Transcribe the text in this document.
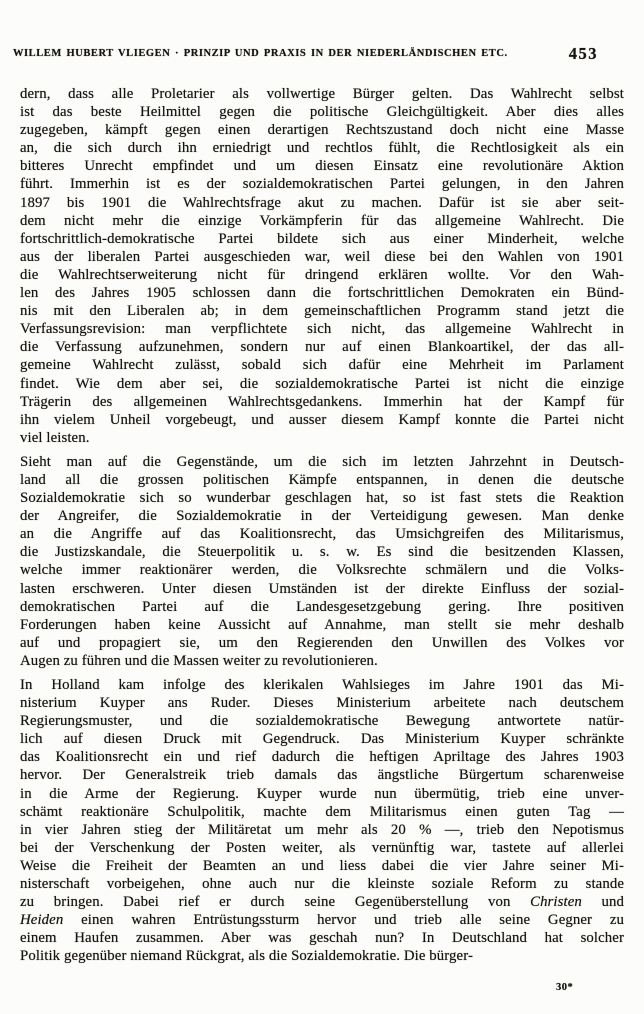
WILLEM HUBERT VLIEGEN · PRINZIP UND PRAXIS IN DER NIEDERLÄNDISCHEN ETC.	453
dern, dass alle Proletarier als vollwertige Bürger gelten. Das Wahlrecht selbst
ist das beste Heilmittel gegen die politische Gleichgültigkeit. Aber dies alles
zugegeben, kämpft gegen einen derartigen Rechtszustand doch nicht eine Masse
an, die sich durch ihn erniedrigt und rechtlos fühlt, die Rechtlosigkeit als ein
bitteres Unrecht empfindet und um diesen Einsatz eine revolutionäre Aktion
führt. Immerhin ist es der sozialdemokratischen Partei gelungen, in den Jahren
1897 bis 1901 die Wahlrechtsfrage akut zu machen. Dafür ist sie aber seit-
dem nicht mehr die einzige Vorkämpferin für das allgemeine Wahlrecht. Die
fortschrittlich-demokratische Partei bildete sich aus einer Minderheit, welche
aus der liberalen Partei ausgeschieden war, weil diese bei den Wahlen von 1901
die Wahlrechtserweiterung nicht für dringend erklären wollte. Vor den Wah-
len des Jahres 1905 schlossen dann die fortschrittlichen Demokraten ein Bünd-
nis mit den Liberalen ab; in dem gemeinschaftlichen Programm stand jetzt die
Verfassungsrevision: man verpflichtete sich nicht, das allgemeine Wahlrecht in
die Verfassung aufzunehmen, sondern nur auf einen Blankoartikel, der das all-
gemeine Wahlrecht zulässt, sobald sich dafür eine Mehrheit im Parlament
findet. Wie dem aber sei, die sozialdemokratische Partei ist nicht die einzige
Trägerin des allgemeinen Wahlrechtsgedankens. Immerhin hat der Kampf für
ihn vielem Unheil vorgebeugt, und ausser diesem Kampf konnte die Partei nicht
viel leisten.
Sieht man auf die Gegenstände, um die sich im letzten Jahrzehnt in Deutsch-
land all die grossen politischen Kämpfe entspannen, in denen die deutsche
Sozialdemokratie sich so wunderbar geschlagen hat, so ist fast stets die Reaktion
der Angreifer, die Sozialdemokratie in der Verteidigung gewesen. Man denke
an die Angriffe auf das Koalitionsrecht, das Umsichgreifen des Militarismus,
die Justizskandale, die Steuerpolitik u. s. w. Es sind die besitzenden Klassen,
welche immer reaktionärer werden, die Volksrechte schmälern und die Volks-
lasten erschweren. Unter diesen Umständen ist der direkte Einfluss der sozial-
demokratischen Partei auf die Landesgesetzgebung gering. Ihre positiven
Forderungen haben keine Aussicht auf Annahme, man stellt sie mehr deshalb
auf und propagiert sie, um den Regierenden den Unwillen des Volkes vor
Augen zu führen und die Massen weiter zu revolutionieren.
In Holland kam infolge des klerikalen Wahlsieges im Jahre 1901 das Mi-
nisterium Kuyper ans Ruder. Dieses Ministerium arbeitete nach deutschem
Regierungsmuster, und die sozialdemokratische Bewegung antwortete natür-
lich auf diesen Druck mit Gegendruck. Das Ministerium Kuyper schränkte
das Koalitionsrecht ein und rief dadurch die heftigen Apriltage des Jahres 1903
hervor. Der Generalstreik trieb damals das ängstliche Bürgertum scharenweise
in die Arme der Regierung. Kuyper wurde nun übermütig, trieb eine unver-
schämt reaktionäre Schulpolitik, machte dem Militarismus einen guten Tag —
in vier Jahren stieg der Militäretat um mehr als 20 % —, trieb den Nepotismus
bei der Verschenkung der Posten weiter, als vernünftig war, tastete auf allerlei
Weise die Freiheit der Beamten an und liess dabei die vier Jahre seiner Mi-
nisterschaft vorbeigehen, ohne auch nur die kleinste soziale Reform zu stande
zu bringen. Dabei rief er durch seine Gegenüberstellung von Christen und
Heiden einen wahren Entrüstungssturm hervor und trieb alle seine Gegner zu
einem Haufen zusammen. Aber was geschah nun? In Deutschland hat solcher
Politik gegenüber niemand Rückgrat, als die Sozialdemokratie. Die bürger-
30*
